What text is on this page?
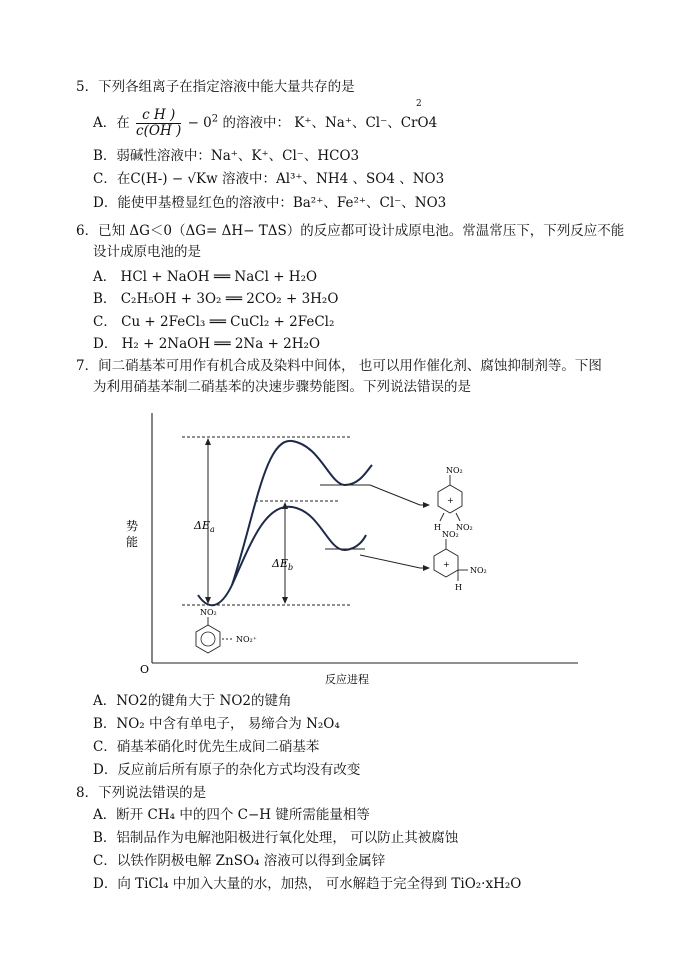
5．下列各组离子在指定溶液中能大量共存的是
A．在 $\frac{\text{c H )}}{c(OH )} - 0^2$ 的溶液中： K⁺、Na⁺、Cl⁻、CrO4
2
B．弱碱性溶液中：Na⁺、K⁺、Cl⁻、HCO3
C．在C(H-) − √Kw 溶液中：Al³⁺、NH4 、SO4 、NO3
D．能使甲基橙显红色的溶液中：Ba²⁺、Fe²⁺、Cl⁻、NO3
6．已知 ΔG＜0（ΔG= ΔH− TΔS）的反应都可设计成原电池。常温常压下，下列反应不能
设计成原电池的是
A． HCl + NaOH ══ NaCl + H₂O
B． C₂H₅OH + 3O₂ ══ 2CO₂ + 3H₂O
C． Cu + 2FeCl₃ ══ CuCl₂ + 2FeCl₂
D． H₂ + 2NaOH ══ 2Na + 2H₂O
7．间二硝基苯可用作有机合成及染料中间体， 也可以用作催化剂、腐蚀抑制剂等。下图
为利用硝基苯制二硝基苯的决速步骤势能图。下列说法错误的是
O
势
能
反应进程
$\Delta E_a$
$\Delta E_b$
NO₂
+
H NO₂
NO₂
+
NO₂
H
NO₂
NO₂⁺
A．NO2的键角大于 NO2的键角
B．NO₂ 中含有单电子， 易缔合为 N₂O₄
C．硝基苯硝化时优先生成间二硝基苯
D．反应前后所有原子的杂化方式均没有改变
8．下列说法错误的是
A．断开 CH₄ 中的四个 C−H 键所需能量相等
B．铝制品作为电解池阳极进行氧化处理， 可以防止其被腐蚀
C．以铁作阴极电解 ZnSO₄ 溶液可以得到金属锌
D．向 TiCl₄ 中加入大量的水，加热， 可水解趋于完全得到 TiO₂·xH₂O
